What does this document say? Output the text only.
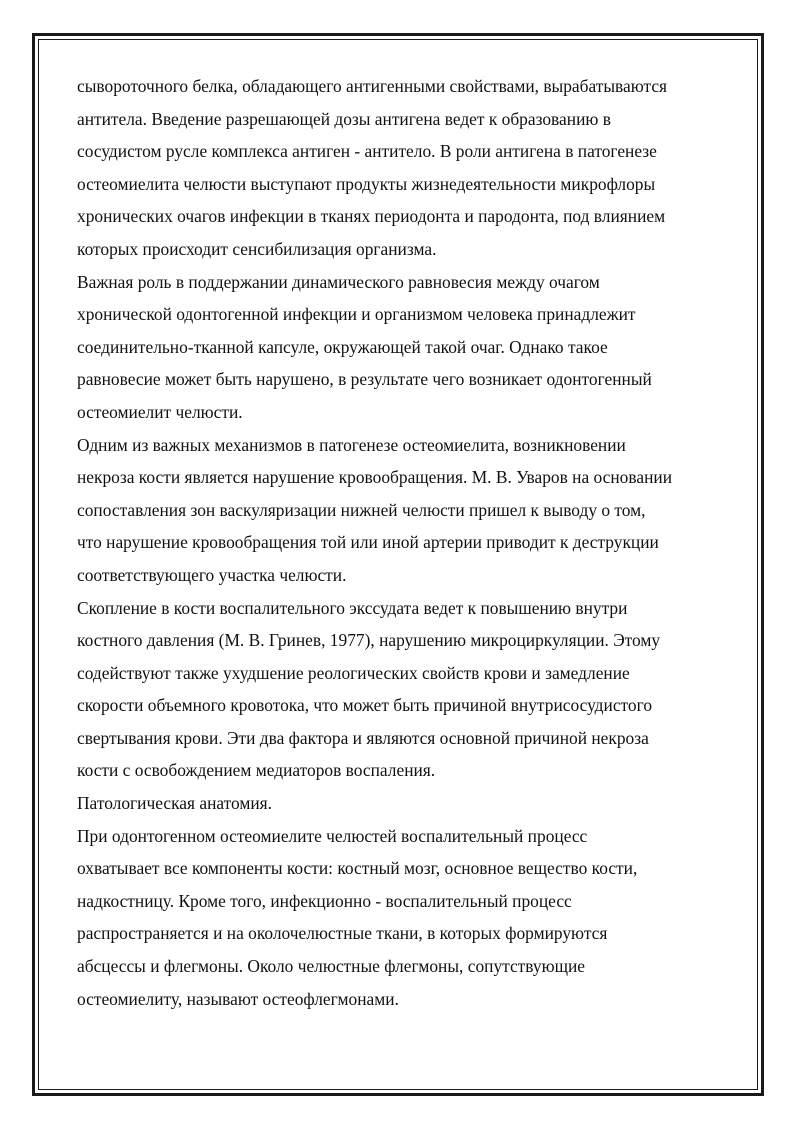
сывороточного белка, обладающего антигенными свойствами, вырабатываются
антитела. Введение разрешающей дозы антигена ведет к образованию в
сосудистом русле комплекса антиген - антитело. В роли антигена в патогенезе
остеомиелита челюсти выступают продукты жизнедеятельности микрофлоры
хронических очагов инфекции в тканях периодонта и пародонта, под влиянием
которых происходит сенсибилизация организма.
Важная роль в поддержании динамического равновесия между очагом
хронической одонтогенной инфекции и организмом человека принадлежит
соединительно-тканной капсуле, окружающей такой очаг. Однако такое
равновесие может быть нарушено, в результате чего возникает одонтогенный
остеомиелит челюсти.
Одним из важных механизмов в патогенезе остеомиелита, возникновении
некроза кости является нарушение кровообращения. М. В. Уваров на основании
сопоставления зон васкуляризации нижней челюсти пришел к выводу о том,
что нарушение кровообращения той или иной артерии приводит к деструкции
соответствующего участка челюсти.
Скопление в кости воспалительного экссудата ведет к повышению внутри
костного давления (М. В. Гринев, 1977), нарушению микроциркуляции. Этому
содействуют также ухудшение реологических свойств крови и замедление
скорости объемного кровотока, что может быть причиной внутрисосудистого
свертывания крови. Эти два фактора и являются основной причиной некроза
кости с освобождением медиаторов воспаления.
Патологическая анатомия.
При одонтогенном остеомиелите челюстей воспалительный процесс
охватывает все компоненты кости: костный мозг, основное вещество кости,
надкостницу. Кроме того, инфекционно - воспалительный процесс
распространяется и на околочелюстные ткани, в которых формируются
абсцессы и флегмоны. Около челюстные флегмоны, сопутствующие
остеомиелиту, называют остеофлегмонами.
